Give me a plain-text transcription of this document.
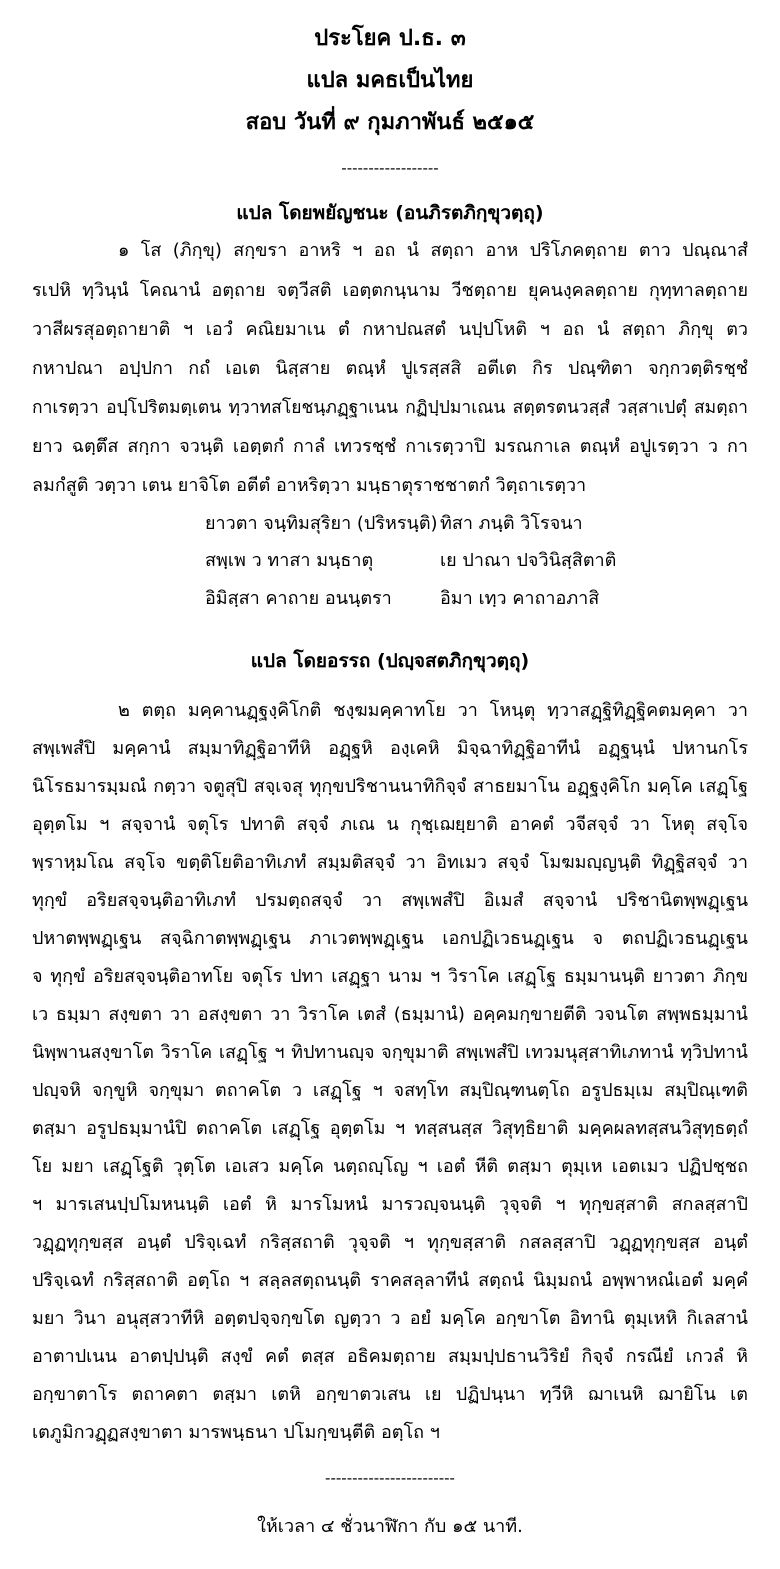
ประโยค ป.ธ. ๓
แปล มคธเป็นไทย
สอบ วันที่ ๙ กุมภาพันธ์ ๒๕๑๕
------------------
แปล โดยพยัญชนะ (อนภิรตภิกฺขุวตฺถุ)
๑ โส (ภิกฺขุ) สกฺขรา อาหริ ฯ อถ นํ สตฺถา อาห ปริโภคตฺถาย ตาว ปณฺณาสํ
รเปหิ ทฺวินฺนํ โคณานํ อตฺถาย จตฺวีสติ เอตฺตกนฺนาม วีชตฺถาย ยุคนงฺคลตฺถาย กุทฺทาลตฺถาย
วาสีผรสุอตฺถายาติ ฯ เอวํ คณิยมาเน ตํ กหาปณสตํ นปฺปโหติ ฯ อถ นํ สตฺถา ภิกฺขุ ตว
กหาปณา อปฺปกา กถํ เอเต นิสฺสาย ตณฺหํ ปูเรสฺสสิ อตีเต กิร ปณฺฑิตา จกฺกวตฺติรชฺชํ
กาเรตฺวา อปฺโปริตมตฺเตน ทฺวาทสโยชนฺภฏฺฐาเนน กฏิปฺปมาเณน สตฺตรตนวสฺสํ วสฺสาเปตุํ สมตฺถา
ยาว ฉตฺตึส สกฺกา จวนฺติ เอตฺตกํ กาลํ เทวรชฺชํ กาเรตฺวาปิ มรณกาเล ตณฺหํ อปูเรตฺวา ว กา
ลมกํสูติ วตฺวา เตน ยาจิโต อตีตํ อาหริตฺวา มนฺธาตุราชชาตกํ วิตฺถาเรตฺวา
ยาวตา จนฺทิมสุริยา (ปริหรนฺติ) ทิสา ภนฺติ วิโรจนา
สพฺเพ ว ทาสา มนฺธาตุ	เย ปาณา ปจวินิสฺสิตาติ
อิมิสฺสา คาถาย อนนฺตรา	อิมา เทฺว คาถาอภาสิ
แปล โดยอรรถ (ปญฺจสตภิกฺขุวตฺถุ)
๒ ตตฺถ มคฺคานฏฺฐงฺคิโกติ ชงฺฆมคฺคาทโย วา โหนฺตุ ทฺวาสฏฺฐิทิฏฺฐิคตมคฺคา วา
สพฺเพสํปิ มคฺคานํ สมฺมาทิฏฺฐิอาทีหิ อฏฺฐหิ องฺเคหิ มิจฺฉาทิฏฺฐิอาทีนํ อฏฺฐนฺนํ ปหานกโร
นิโรธมารมฺมณํ กตฺวา จตูสุปิ สจฺเจสุ ทุกฺขปริชานนาทิกิจฺจํ สาธยมาโน อฏฺฐงฺคิโก มคฺโค เสฏฺโฐ
อุตฺตโม ฯ สจฺจานํ จตุโร ปทาติ สจฺจํ ภเณ น กุชฺเฌยฺยาติ อาคตํ วจีสจฺจํ วา โหตุ สจฺโจ
พฺราหฺมโณ สจฺโจ ขตฺติโยติอาทิเภทํ สมฺมติสจฺจํ วา อิทเมว สจฺจํ โมฆมญฺญนฺติ ทิฏฺฐิสจฺจํ วา
ทุกฺขํ อริยสจฺจนฺติอาทิเภทํ ปรมตฺถสจฺจํ วา สพฺเพสํปิ อิเมสํ สจฺจานํ ปริชานิตพฺพฏฺเฐน
ปหาตพฺพฏฺเฐน สจฺฉิกาตพฺพฏฺเฐน ภาเวตพฺพฏฺเฐน เอกปฏิเวธนฏฺเฐน จ ตถปฏิเวธนฏฺเฐน
จ ทุกฺขํ อริยสจฺจนฺติอาทโย จตุโร ปทา เสฏฺฐา นาม ฯ วิราโค เสฏฺโฐ ธมฺมานนฺติ ยาวตา ภิกฺข
เว ธมฺมา สงฺขตา วา อสงฺขตา วา วิราโค เตสํ (ธมฺมานํ) อคฺคมกฺขายตีติ วจนโต สพฺพธมฺมานํ
นิพฺพานสงฺขาโต วิราโค เสฏฺโฐ ฯ ทิปทานญฺจ จกฺขุมาติ สพฺเพสํปิ เทวมนุสฺสาทิเภทานํ ทฺวิปทานํ
ปญฺจหิ จกฺขูหิ จกฺขุมา ตถาคโต ว เสฏฺโฐ ฯ จสทฺโท สมฺปิณฺฑนตฺโถ อรูปธมฺเม สมฺปิณฺเฑติ
ตสฺมา อรูปธมฺมานํปิ ตถาคโต เสฏฺโฐ อุตฺตโม ฯ ทสฺสนสฺส วิสุทฺธิยาติ มคฺคผลทสฺสนวิสุทฺธตฺถํ
โย มยา เสฏฺโฐติ วุตฺโต เอเสว มคฺโค นตฺถญฺโญ ฯ เอตํ หีติ ตสฺมา ตุมฺเห เอตเมว ปฏิปชฺชถ
ฯ มารเสนปฺปโมหนนฺติ เอตํ หิ มารโมหนํ มารวญฺจนนฺติ วุจฺจติ ฯ ทุกฺขสฺสาติ สกลสฺสาปิ
วฏฺฏทุกฺขสฺส อนฺตํ ปริจฺเฉทํ กริสฺสถาติ วุจฺจติ ฯ ทุกฺขสฺสาติ กสลสฺสาปิ วฏฺฏทุกฺขสฺส อนฺตํ
ปริจฺเฉทํ กริสฺสถาติ อตฺโถ ฯ สลฺลสตฺถนนฺติ ราคสลฺลาทีนํ สตฺถนํ นิมฺมถนํ อพฺพาหณํเอตํ มคฺคํ
มยา วินา อนุสฺสวาทีหิ อตฺตปจฺจกฺขโต ญตฺวา ว อยํ มคฺโค อกฺขาโต อิทานิ ตุมฺเหหิ กิเลสานํ
อาตาปเนน อาตปฺปนฺติ สงฺขํ คตํ ตสฺส อธิคมตฺถาย สมฺมปฺปธานวิริยํ กิจฺจํ กรณียํ เกวลํ หิ
อกฺขาตาโร ตถาคตา ตสฺมา เตหิ อกฺขาตวเสน เย ปฏิปนฺนา ทฺวีหิ ฌาเนหิ ฌายิโน เต
เตภูมิกวฏฺฏสงฺขาตา มารพนฺธนา ปโมกฺขนฺตีติ อตฺโถ ฯ
------------------------
ให้เวลา ๔ ชั่วนาฬิกา กับ ๑๕ นาที.
